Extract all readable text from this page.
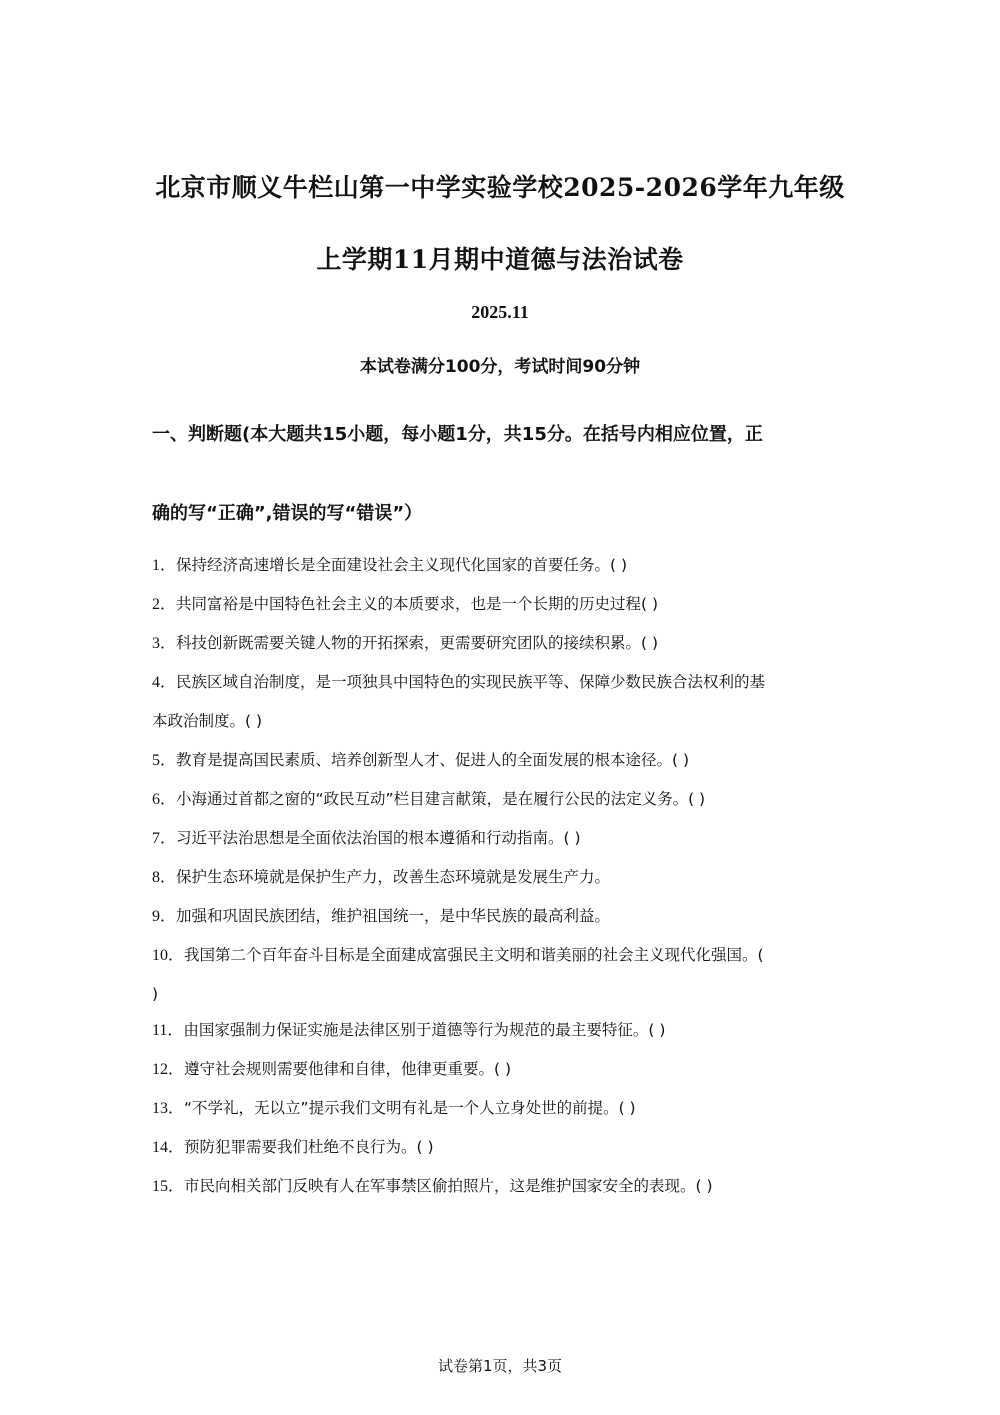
北京市顺义牛栏山第一中学实验学校2025-2026学年九年级
上学期11月期中道德与法治试卷
2025.11
本试卷满分100分，考试时间90分钟
一、判断题(本大题共15小题，每小题1分，共15分。在括号内相应位置，正
确的写“正确”,错误的写“错误”）
1．保持经济高速增长是全面建设社会主义现代化国家的首要任务。( )
2．共同富裕是中国特色社会主义的本质要求，也是一个长期的历史过程( )
3．科技创新既需要关键人物的开拓探索，更需要研究团队的接续积累。( )
4．民族区域自治制度，是一项独具中国特色的实现民族平等、保障少数民族合法权利的基
本政治制度。( )
5．教育是提高国民素质、培养创新型人才、促进人的全面发展的根本途径。( )
6．小海通过首都之窗的“政民互动”栏目建言献策，是在履行公民的法定义务。( )
7．习近平法治思想是全面依法治国的根本遵循和行动指南。( )
8．保护生态环境就是保护生产力，改善生态环境就是发展生产力。
9．加强和巩固民族团结，维护祖国统一，是中华民族的最高利益。
10．我国第二个百年奋斗目标是全面建成富强民主文明和谐美丽的社会主义现代化强国。(
)
11．由国家强制力保证实施是法律区别于道德等行为规范的最主要特征。( )
12．遵守社会规则需要他律和自律，他律更重要。( )
13．“不学礼，无以立”提示我们文明有礼是一个人立身处世的前提。( )
14．预防犯罪需要我们杜绝不良行为。( )
15．市民向相关部门反映有人在军事禁区偷拍照片，这是维护国家安全的表现。( )
试卷第1页，共3页
